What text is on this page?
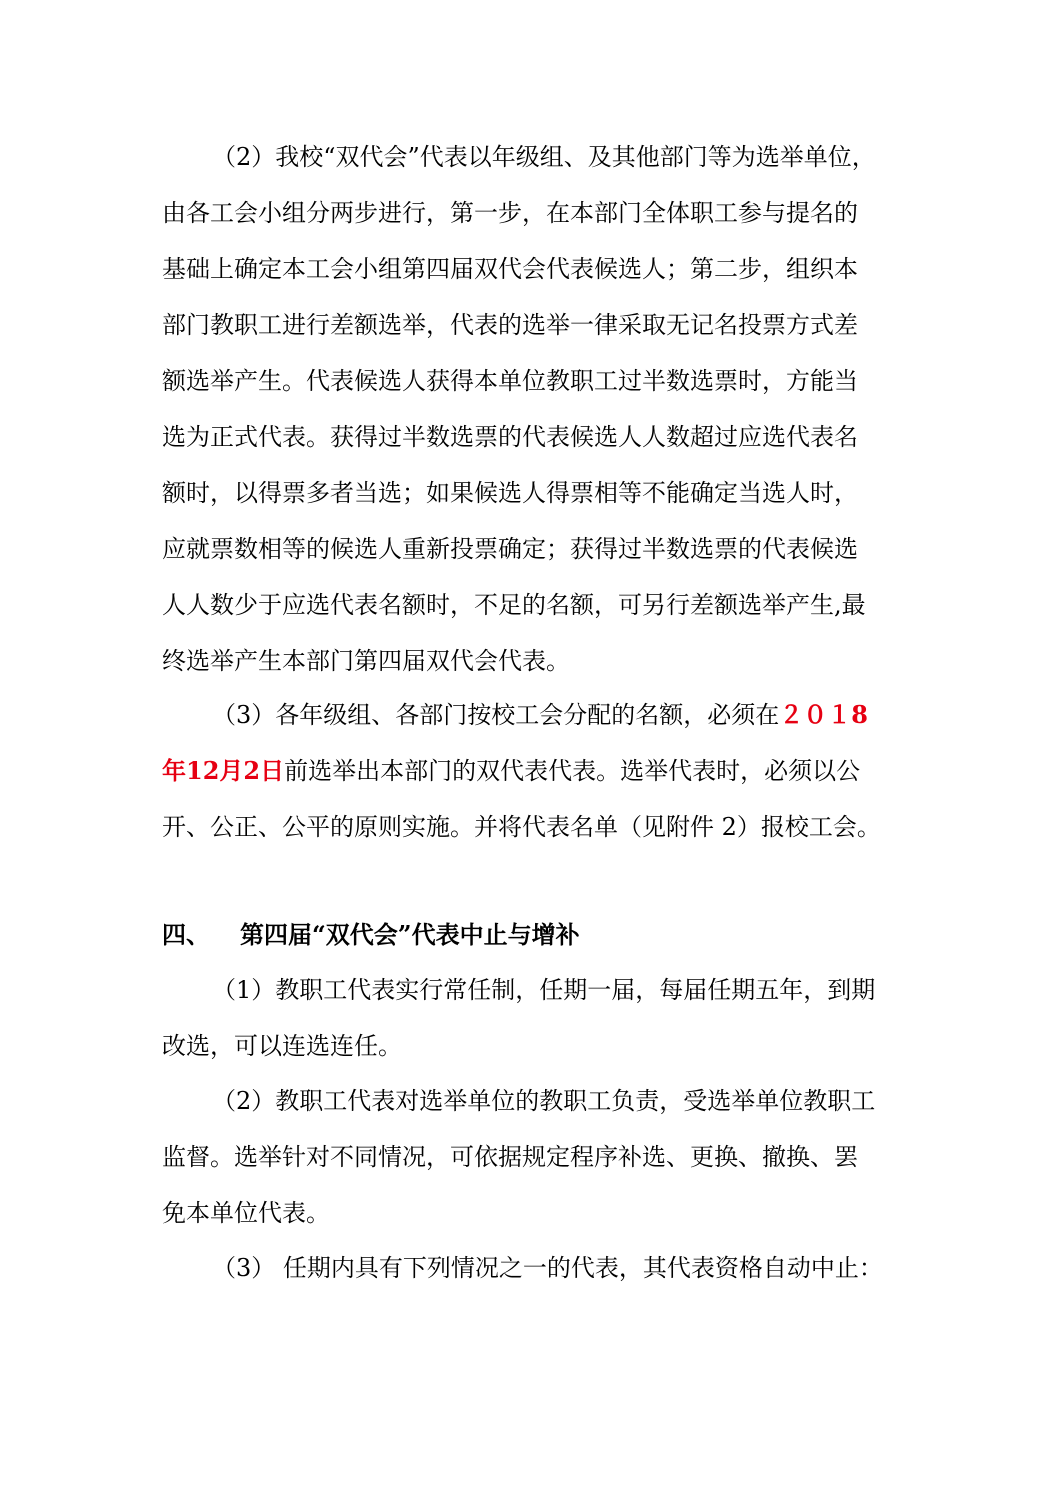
（2）我校“双代会”代表以年级组、及其他部门等为选举单位，
由各工会小组分两步进行，第一步，在本部门全体职工参与提名的
基础上确定本工会小组第四届双代会代表候选人；第二步，组织本
部门教职工进行差额选举，代表的选举一律采取无记名投票方式差
额选举产生。代表候选人获得本单位教职工过半数选票时，方能当
选为正式代表。获得过半数选票的代表候选人人数超过应选代表名
额时，以得票多者当选；如果候选人得票相等不能确定当选人时，
应就票数相等的候选人重新投票确定；获得过半数选票的代表候选
人人数少于应选代表名额时，不足的名额，可另行差额选举产生,最
终选举产生本部门第四届双代会代表。
（3）各年级组、各部门按校工会分配的名额，必须在２０１8
年12月2日前选举出本部门的双代表代表。选举代表时，必须以公
开、公正、公平的原则实施。并将代表名单（见附件 2）报校工会。
四、 第四届“双代会”代表中止与增补
（1）教职工代表实行常任制，任期一届，每届任期五年，到期
改选，可以连选连任。
（2）教职工代表对选举单位的教职工负责，受选举单位教职工
监督。选举针对不同情况，可依据规定程序补选、更换、撤换、罢
免本单位代表。
（3） 任期内具有下列情况之一的代表，其代表资格自动中止：
